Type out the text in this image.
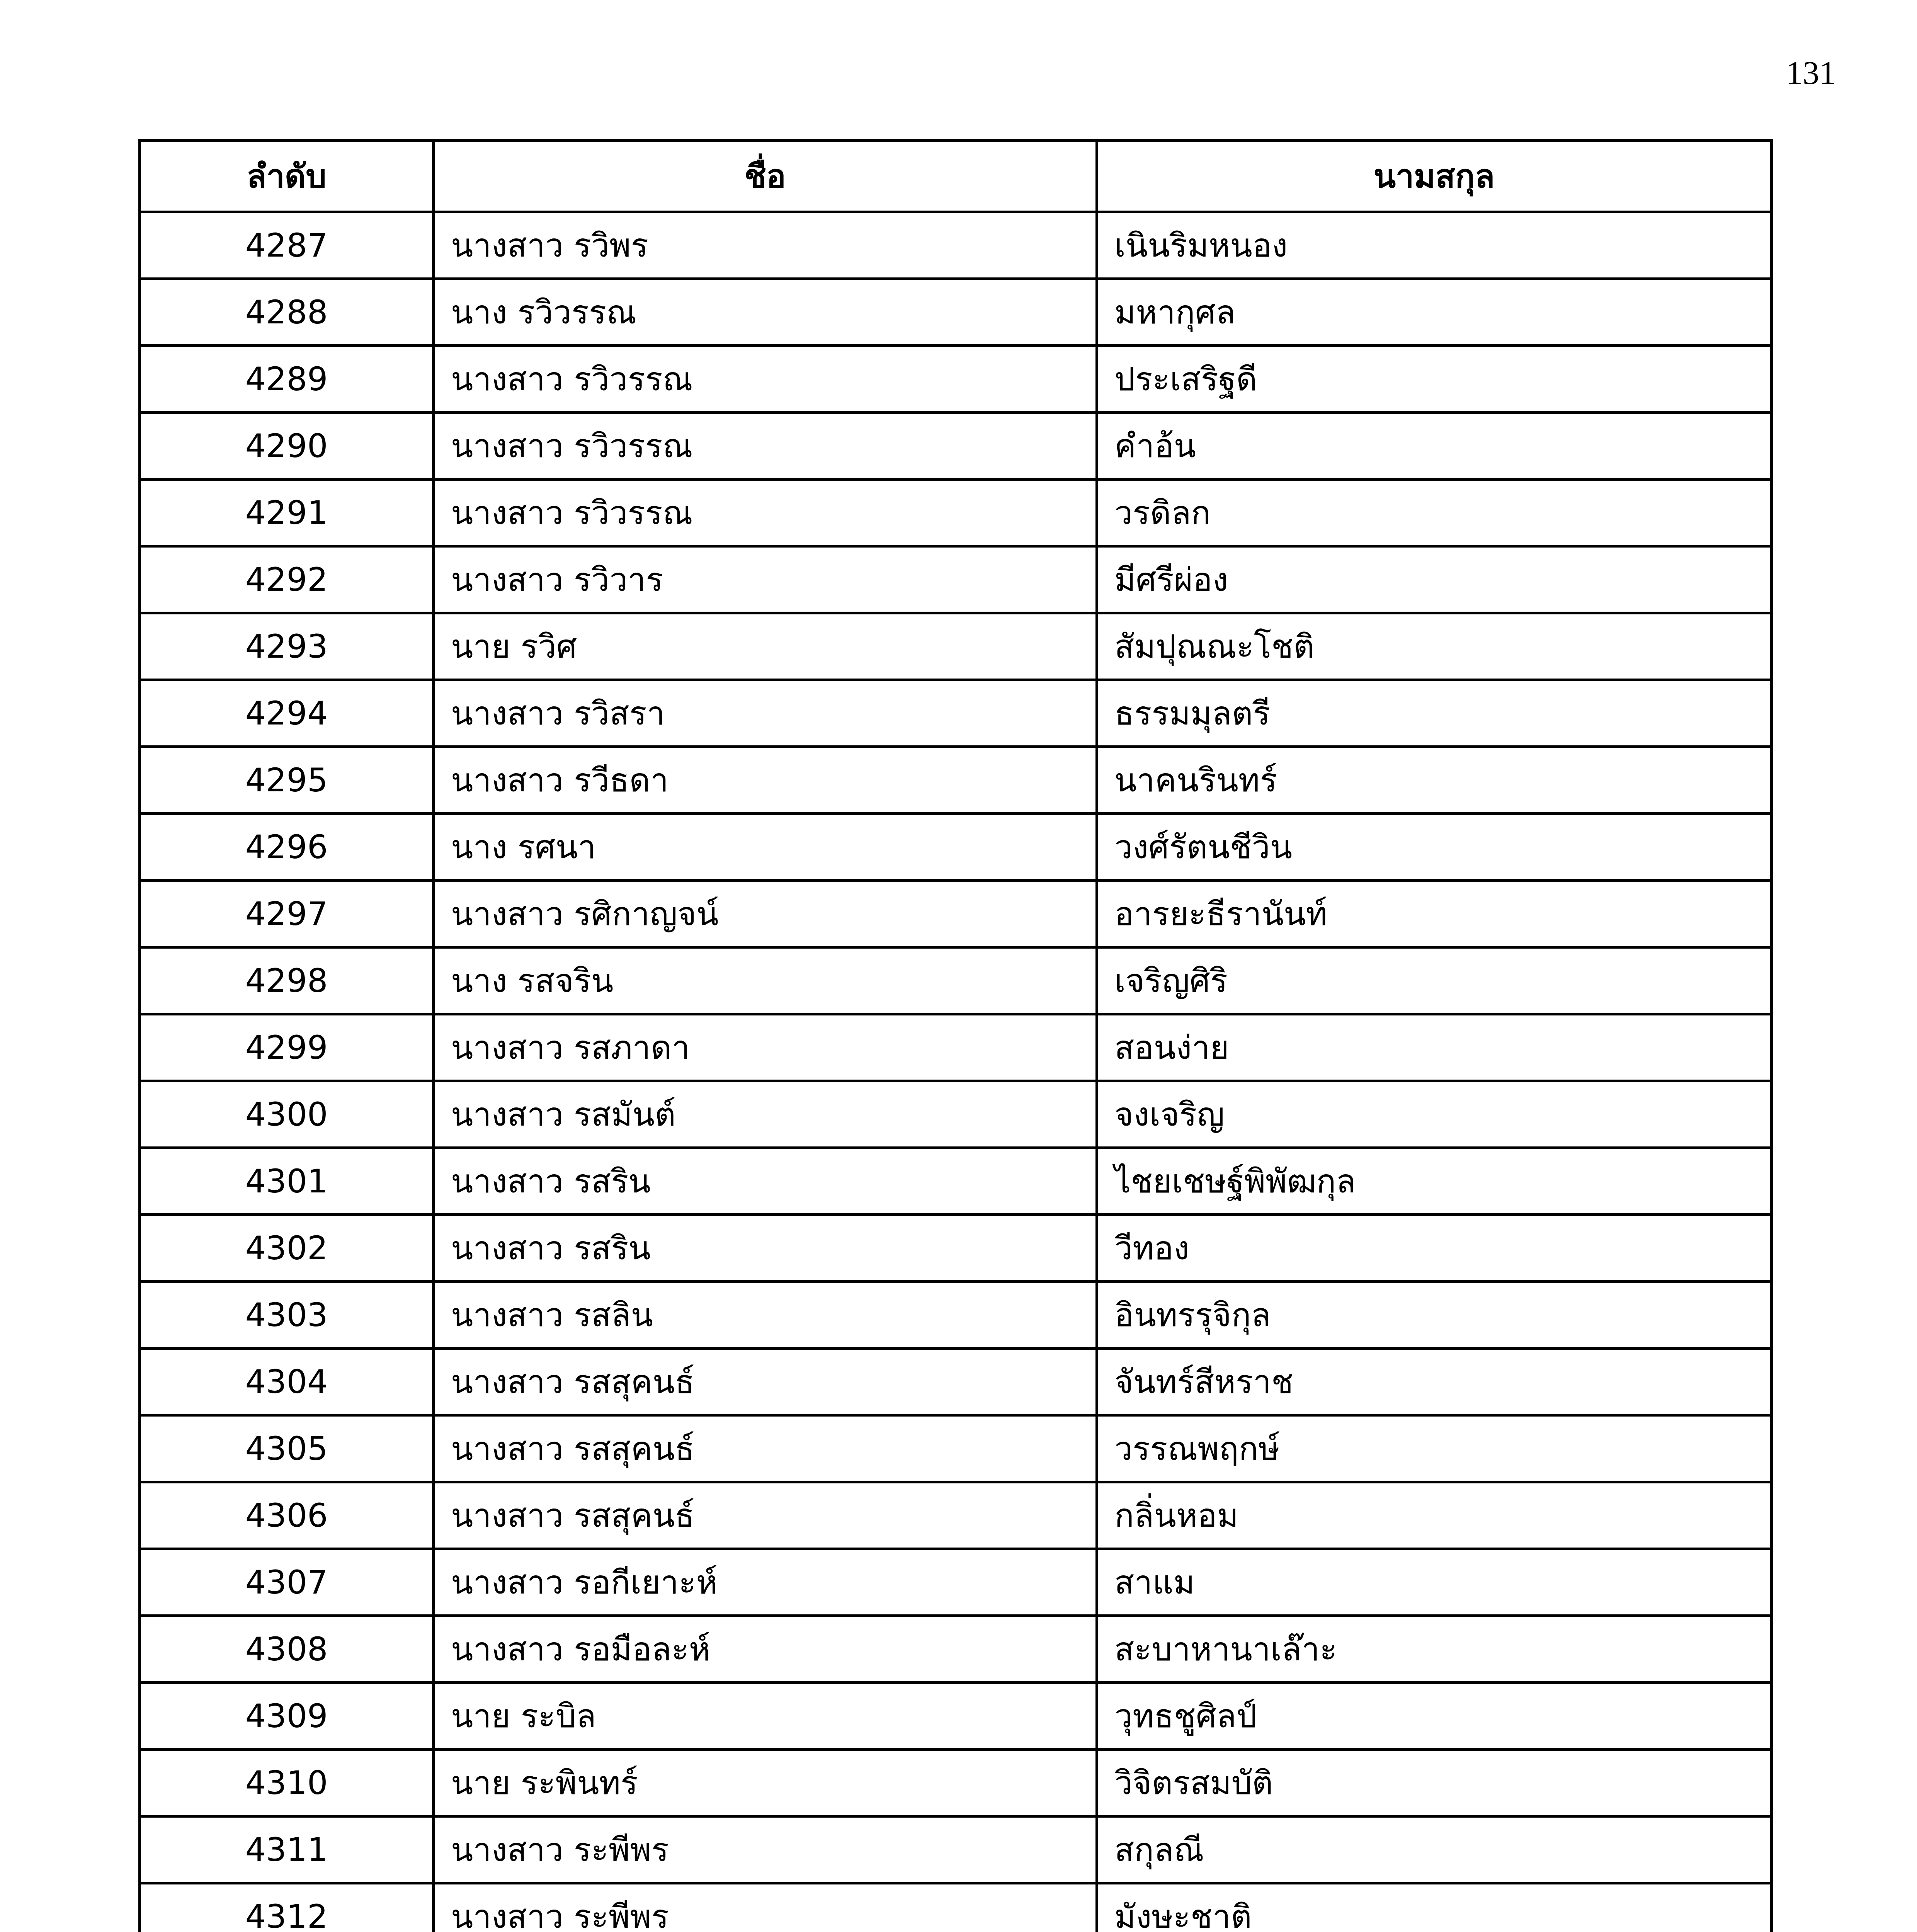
131
ลำดับ	ชื่อ	นามสกุล
4287	นางสาว รวิพร	เนินริมหนอง
4288	นาง รวิวรรณ	มหากุศล
4289	นางสาว รวิวรรณ	ประเสริฐดี
4290	นางสาว รวิวรรณ	คำอ้น
4291	นางสาว รวิวรรณ	วรดิลก
4292	นางสาว รวิวาร	มีศรีผ่อง
4293	นาย รวิศ	สัมปุณณะโชติ
4294	นางสาว รวิสรา	ธรรมมุลตรี
4295	นางสาว รวีธดา	นาคนรินทร์
4296	นาง รศนา	วงศ์รัตนชีวิน
4297	นางสาว รศิกาญจน์	อารยะธีรานันท์
4298	นาง รสจริน	เจริญศิริ
4299	นางสาว รสภาดา	สอนง่าย
4300	นางสาว รสมันต์	จงเจริญ
4301	นางสาว รสริน	ไชยเชษฐ์พิพัฒกุล
4302	นางสาว รสริน	วีทอง
4303	นางสาว รสลิน	อินทรรุจิกุล
4304	นางสาว รสสุคนธ์	จันทร์สีหราช
4305	นางสาว รสสุคนธ์	วรรณพฤกษ์
4306	นางสาว รสสุคนธ์	กลิ่นหอม
4307	นางสาว รอกีเยาะห์	สาแม
4308	นางสาว รอมือละห์	สะบาหานาเล๊าะ
4309	นาย ระบิล	วุทธชูศิลป์
4310	นาย ระพินทร์	วิจิตรสมบัติ
4311	นางสาว ระพีพร	สกุลณี
4312	นางสาว ระพีพร	มังษะชาติ
